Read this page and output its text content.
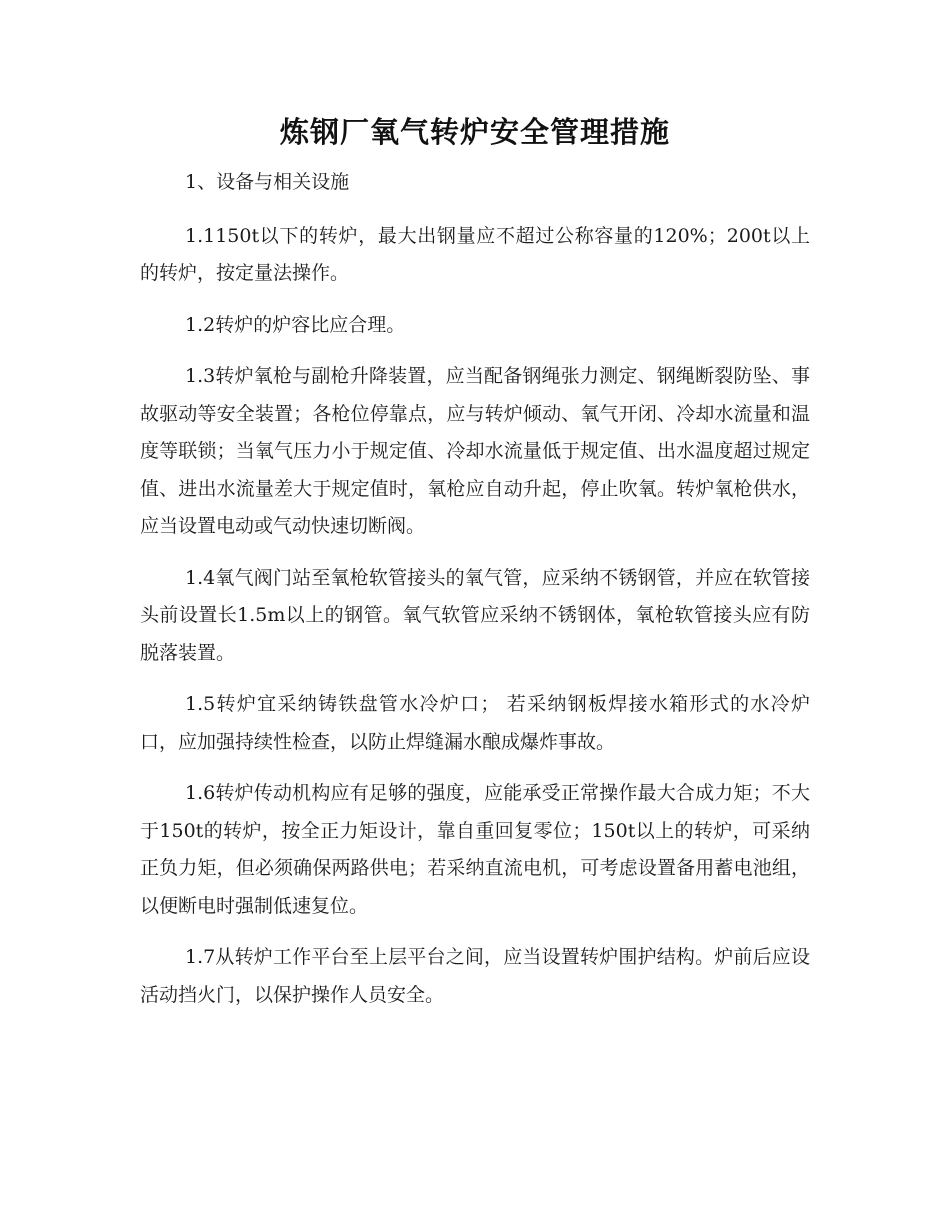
炼钢厂氧气转炉安全管理措施

1、设备与相关设施

1.1150t以下的转炉，最大出钢量应不超过公称容量的120%；200t以上的转炉，按定量法操作。

1.2转炉的炉容比应合理。

1.3转炉氧枪与副枪升降装置，应当配备钢绳张力测定、钢绳断裂防坠、事故驱动等安全装置；各枪位停靠点，应与转炉倾动、氧气开闭、冷却水流量和温度等联锁；当氧气压力小于规定值、冷却水流量低于规定值、出水温度超过规定值、进出水流量差大于规定值时，氧枪应自动升起，停止吹氧。转炉氧枪供水，应当设置电动或气动快速切断阀。

1.4氧气阀门站至氧枪软管接头的氧气管，应采纳不锈钢管，并应在软管接头前设置长1.5m以上的钢管。氧气软管应采纳不锈钢体，氧枪软管接头应有防脱落装置。

1.5转炉宜采纳铸铁盘管水冷炉口； 若采纳钢板焊接水箱形式的水冷炉口，应加强持续性检查，以防止焊缝漏水酿成爆炸事故。

1.6转炉传动机构应有足够的强度，应能承受正常操作最大合成力矩；不大于150t的转炉，按全正力矩设计，靠自重回复零位；150t以上的转炉，可采纳正负力矩，但必须确保两路供电；若采纳直流电机，可考虑设置备用蓄电池组，以便断电时强制低速复位。

1.7从转炉工作平台至上层平台之间，应当设置转炉围护结构。炉前后应设活动挡火门，以保护操作人员安全。
